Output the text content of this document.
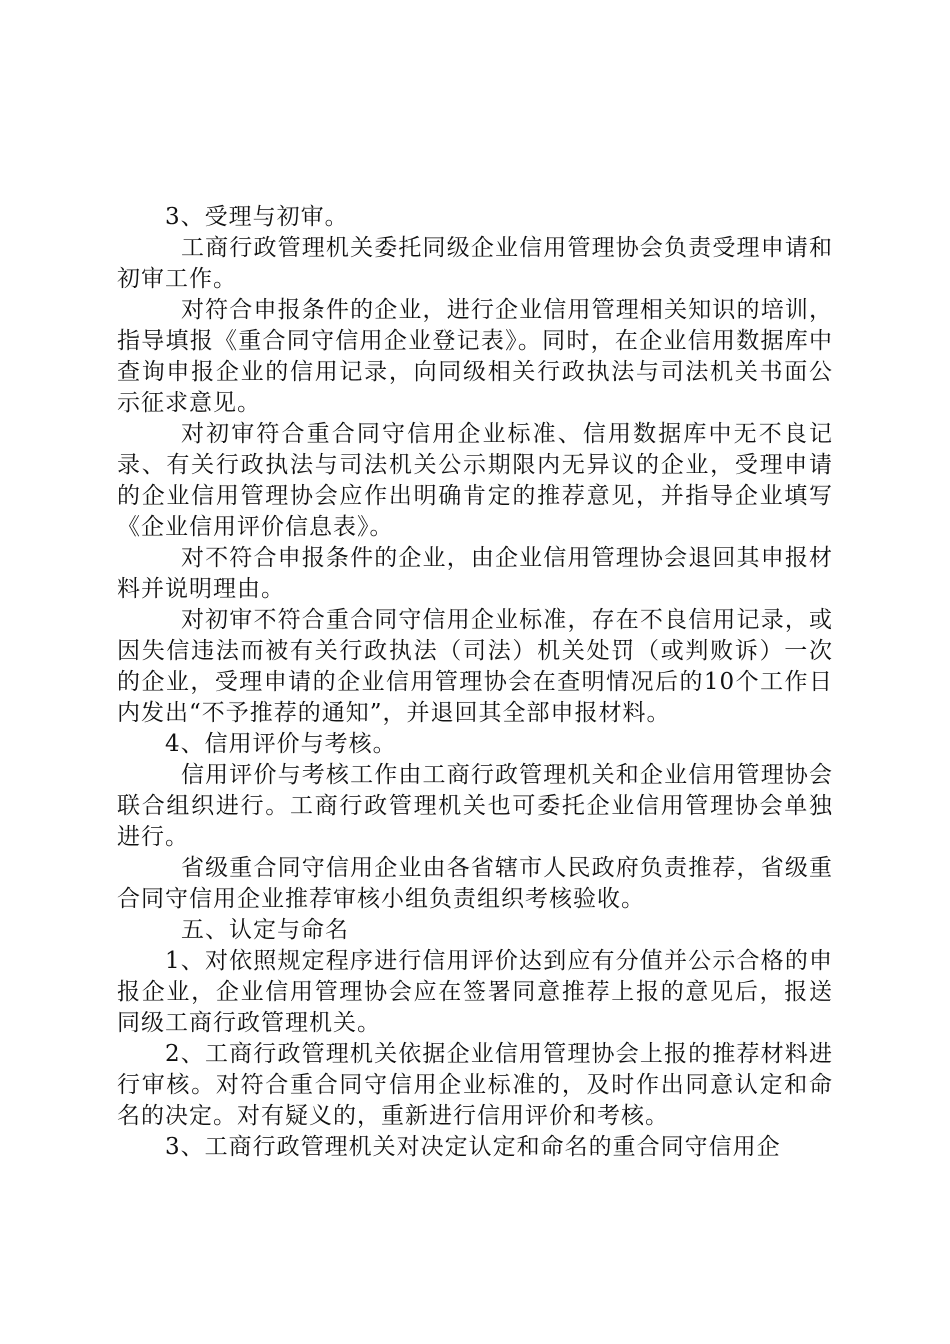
3、受理与初审。

工商行政管理机关委托同级企业信用管理协会负责受理申请和初审工作。

对符合申报条件的企业，进行企业信用管理相关知识的培训，指导填报《重合同守信用企业登记表》。同时，在企业信用数据库中查询申报企业的信用记录，向同级相关行政执法与司法机关书面公示征求意见。

对初审符合重合同守信用企业标准、信用数据库中无不良记录、有关行政执法与司法机关公示期限内无异议的企业，受理申请的企业信用管理协会应作出明确肯定的推荐意见，并指导企业填写《企业信用评价信息表》。

对不符合申报条件的企业，由企业信用管理协会退回其申报材料并说明理由。

对初审不符合重合同守信用企业标准，存在不良信用记录，或因失信违法而被有关行政执法（司法）机关处罚（或判败诉）一次的企业，受理申请的企业信用管理协会在查明情况后的10个工作日内发出“不予推荐的通知”，并退回其全部申报材料。

4、信用评价与考核。

信用评价与考核工作由工商行政管理机关和企业信用管理协会联合组织进行。工商行政管理机关也可委托企业信用管理协会单独进行。

省级重合同守信用企业由各省辖市人民政府负责推荐，省级重合同守信用企业推荐审核小组负责组织考核验收。

五、认定与命名

1、对依照规定程序进行信用评价达到应有分值并公示合格的申报企业，企业信用管理协会应在签署同意推荐上报的意见后，报送同级工商行政管理机关。

2、工商行政管理机关依据企业信用管理协会上报的推荐材料进行审核。对符合重合同守信用企业标准的，及时作出同意认定和命名的决定。对有疑义的，重新进行信用评价和考核。

3、工商行政管理机关对决定认定和命名的重合同守信用企
